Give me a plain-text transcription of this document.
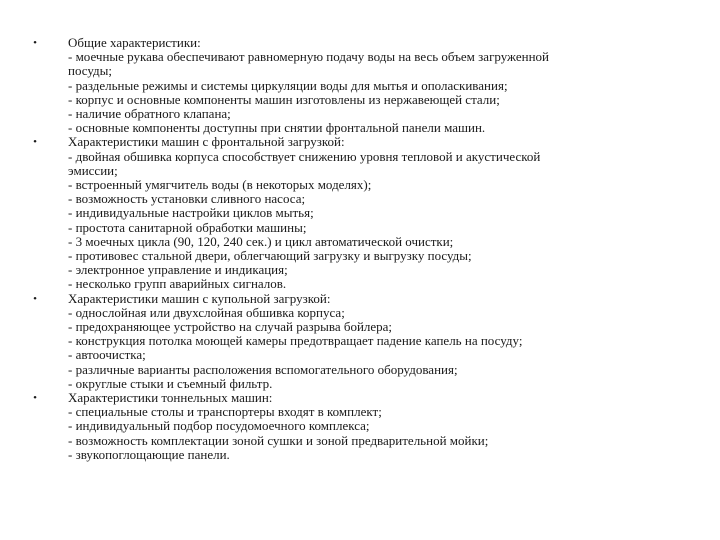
• Общие характеристики:
- моечные рукава обеспечивают равномерную подачу воды на весь объем загруженной
посуды;
- раздельные режимы и системы циркуляции воды для мытья и ополаскивания;
- корпус и основные компоненты машин изготовлены из нержавеющей стали;
- наличие обратного клапана;
- основные компоненты доступны при снятии фронтальной панели машин.
• Характеристики машин с фронтальной загрузкой:
- двойная обшивка корпуса способствует снижению уровня тепловой и акустической
эмиссии;
- встроенный умягчитель воды (в некоторых моделях);
- возможность установки сливного насоса;
- индивидуальные настройки циклов мытья;
- простота санитарной обработки машины;
- 3 моечных цикла (90, 120, 240 сек.) и цикл автоматической очистки;
- противовес стальной двери, облегчающий загрузку и выгрузку посуды;
- электронное управление и индикация;
- несколько групп аварийных сигналов.
• Характеристики машин с купольной загрузкой:
- однослойная или двухслойная обшивка корпуса;
- предохраняющее устройство на случай разрыва бойлера;
- конструкция потолка моющей камеры предотвращает падение капель на посуду;
- автоочистка;
- различные варианты расположения вспомогательного оборудования;
- округлые стыки и съемный фильтр.
• Характеристики тоннельных машин:
- специальные столы и транспортеры входят в комплект;
- индивидуальный подбор посудомоечного комплекса;
- возможность комплектации зоной сушки и зоной предварительной мойки;
- звукопоглощающие панели.
